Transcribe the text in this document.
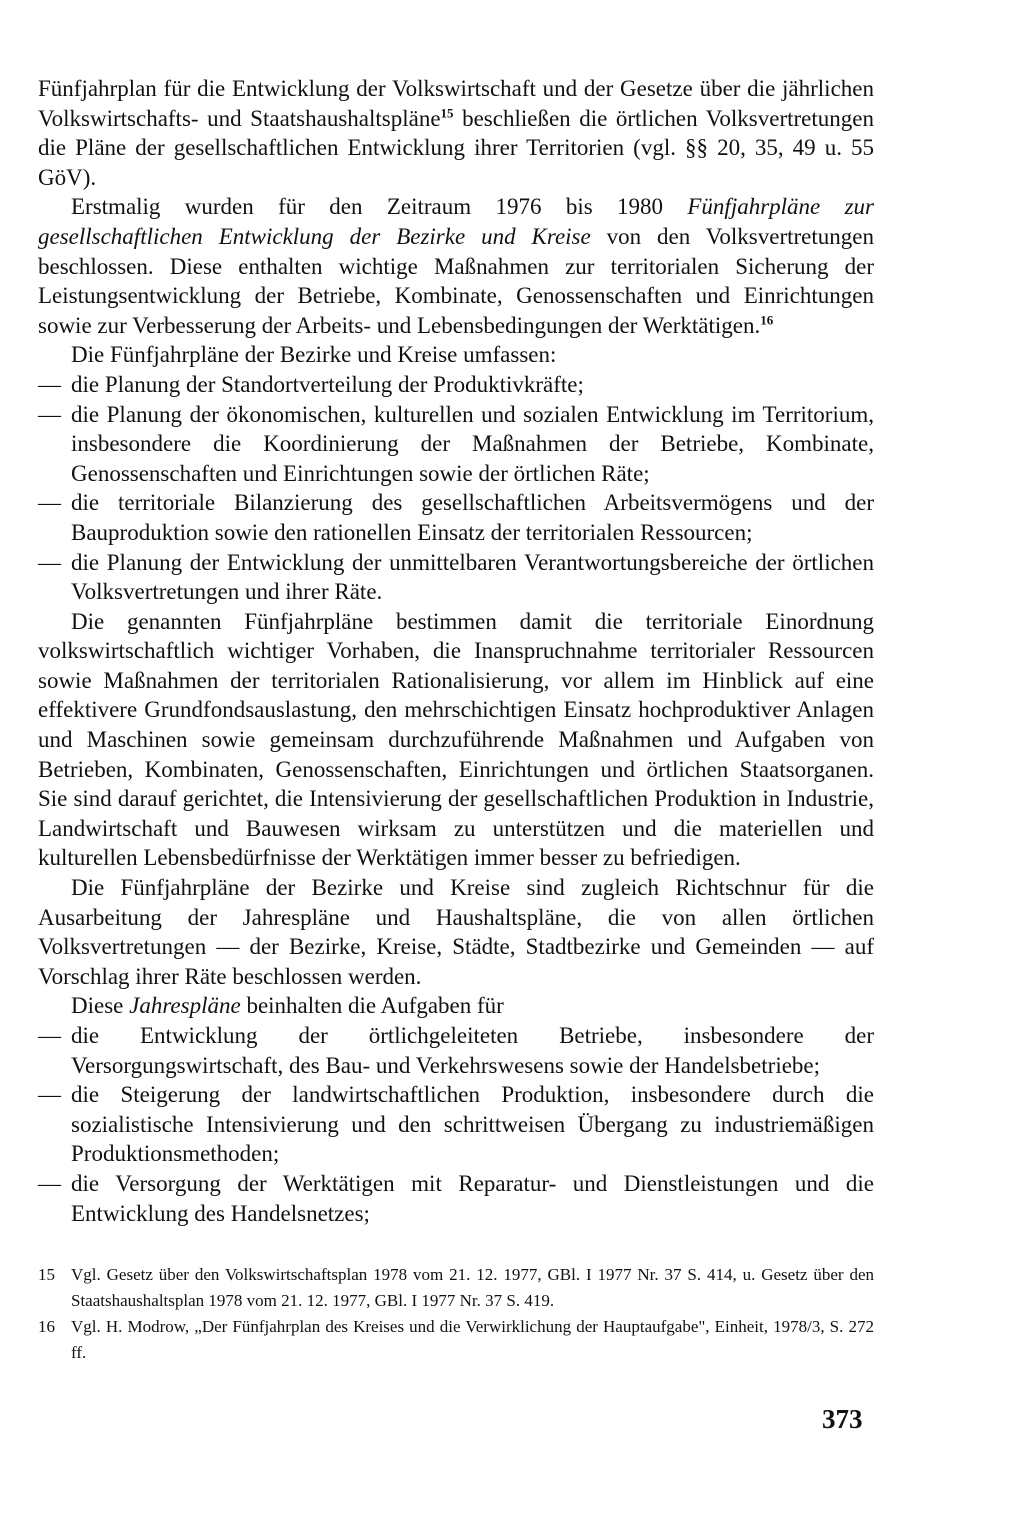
Fünfjahrplan für die Entwicklung der Volkswirtschaft und der Gesetze über die jährlichen Volkswirtschafts- und Staatshaushaltspläne$^{15}$ beschließen die örtlichen Volksvertretungen die Pläne der gesellschaftlichen Entwicklung ihrer Territorien (vgl. §§ 20, 35, 49 u. 55 GöV).

Erstmalig wurden für den Zeitraum 1976 bis 1980 Fünfjahrpläne zur gesellschaftlichen Entwicklung der Bezirke und Kreise von den Volksvertretungen beschlossen. Diese enthalten wichtige Maßnahmen zur territorialen Sicherung der Leistungsentwicklung der Betriebe, Kombinate, Genossenschaften und Einrichtungen sowie zur Verbesserung der Arbeits- und Lebensbedingungen der Werktätigen.$^{16}$

Die Fünfjahrpläne der Bezirke und Kreise umfassen:

— die Planung der Standortverteilung der Produktivkräfte;
— die Planung der ökonomischen, kulturellen und sozialen Entwicklung im Territorium, insbesondere die Koordinierung der Maßnahmen der Betriebe, Kombinate, Genossenschaften und Einrichtungen sowie der örtlichen Räte;
— die territoriale Bilanzierung des gesellschaftlichen Arbeitsvermögens und der Bauproduktion sowie den rationellen Einsatz der territorialen Ressourcen;
— die Planung der Entwicklung der unmittelbaren Verantwortungsbereiche der örtlichen Volksvertretungen und ihrer Räte.

Die genannten Fünfjahrpläne bestimmen damit die territoriale Einordnung volkswirtschaftlich wichtiger Vorhaben, die Inanspruchnahme territorialer Ressourcen sowie Maßnahmen der territorialen Rationalisierung, vor allem im Hinblick auf eine effektivere Grundfondsauslastung, den mehrschichtigen Einsatz hochproduktiver Anlagen und Maschinen sowie gemeinsam durchzuführende Maßnahmen und Aufgaben von Betrieben, Kombinaten, Genossenschaften, Einrichtungen und örtlichen Staatsorganen. Sie sind darauf gerichtet, die Intensivierung der gesellschaftlichen Produktion in Industrie, Landwirtschaft und Bauwesen wirksam zu unterstützen und die materiellen und kulturellen Lebensbedürfnisse der Werktätigen immer besser zu befriedigen.

Die Fünfjahrpläne der Bezirke und Kreise sind zugleich Richtschnur für die Ausarbeitung der Jahrespläne und Haushaltspläne, die von allen örtlichen Volksvertretungen — der Bezirke, Kreise, Städte, Stadtbezirke und Gemeinden — auf Vorschlag ihrer Räte beschlossen werden.

Diese Jahrespläne beinhalten die Aufgaben für

— die Entwicklung der örtlichgeleiteten Betriebe, insbesondere der Versorgungswirtschaft, des Bau- und Verkehrswesens sowie der Handelsbetriebe;
— die Steigerung der landwirtschaftlichen Produktion, insbesondere durch die sozialistische Intensivierung und den schrittweisen Übergang zu industriemäßigen Produktionsmethoden;
— die Versorgung der Werktätigen mit Reparatur- und Dienstleistungen und die Entwicklung des Handelsnetzes;
15 Vgl. Gesetz über den Volkswirtschaftsplan 1978 vom 21. 12. 1977, GBl. I 1977 Nr. 37 S. 414, u. Gesetz über den Staatshaushaltsplan 1978 vom 21. 12. 1977, GBl. I 1977 Nr. 37 S. 419.
16 Vgl. H. Modrow, „Der Fünfjahrplan des Kreises und die Verwirklichung der Hauptaufgabe", Einheit, 1978/3, S. 272 ff.
373
